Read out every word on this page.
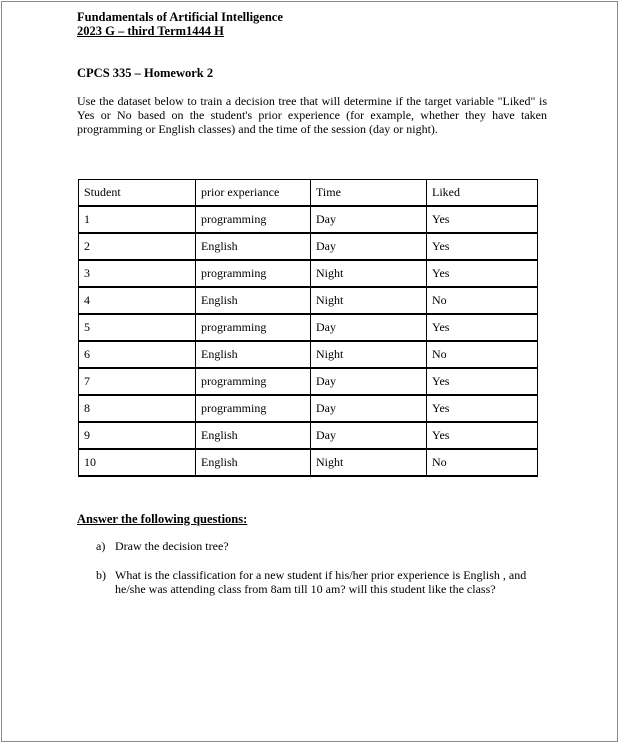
Fundamentals of Artificial Intelligence
2023 G – third Term1444 H
CPCS 335 – Homework 2
Use the dataset below to train a decision tree that will determine if the target variable "Liked" is Yes or No based on the student's prior experience (for example, whether they have taken programming or English classes) and the time of the session (day or night).
Student	prior experiance	Time	Liked
1	programming	Day	Yes
2	English	Day	Yes
3	programming	Night	Yes
4	English	Night	No
5	programming	Day	Yes
6	English	Night	No
7	programming	Day	Yes
8	programming	Day	Yes
9	English	Day	Yes
10	English	Night	No
Answer the following questions:
a) Draw the decision tree?
b) What is the classification for a new student if his/her prior experience is English , and he/she was attending class from 8am till 10 am? will this student like the class?
